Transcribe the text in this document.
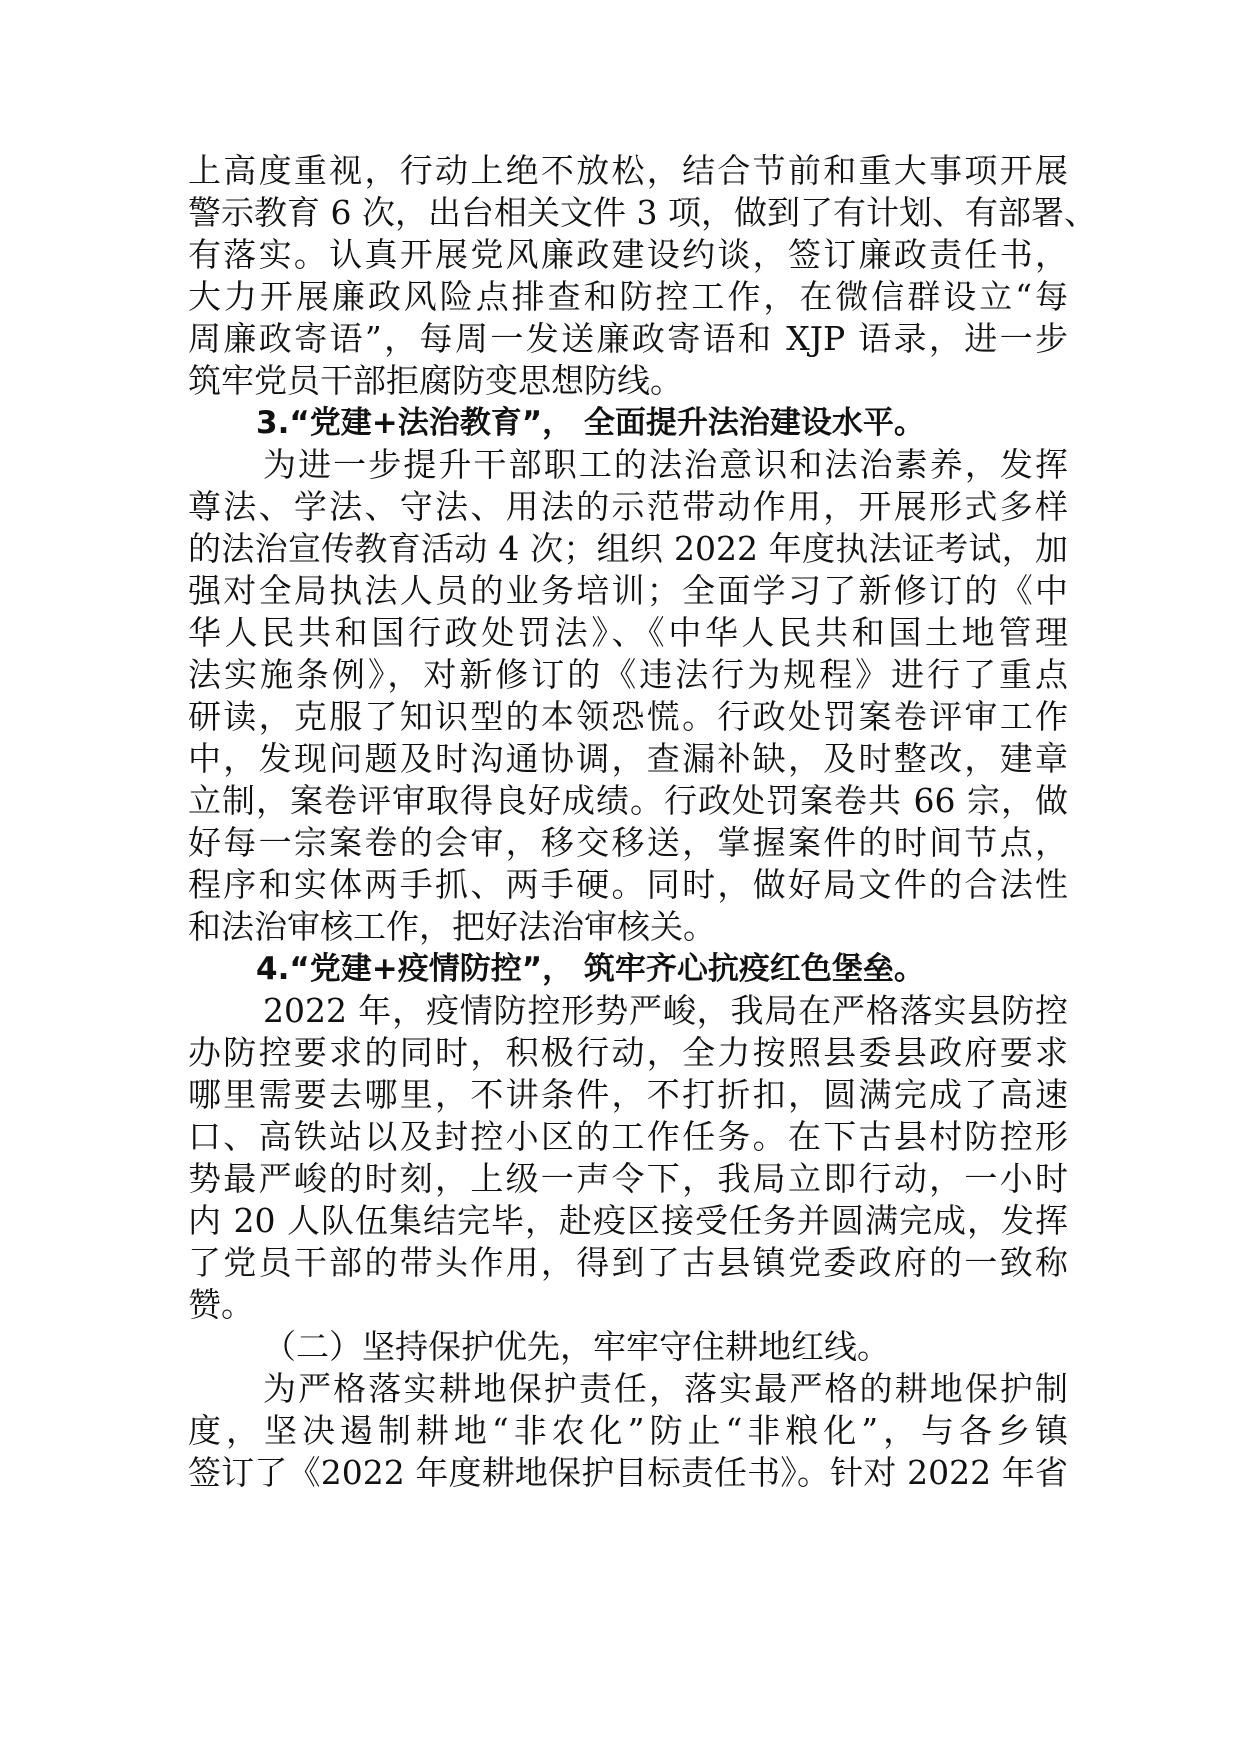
上高度重视，行动上绝不放松，结合节前和重大事项开展
警示教育 6 次，出台相关文件 3 项，做到了有计划、有部署、
有落实。认真开展党风廉政建设约谈，签订廉政责任书，
大力开展廉政风险点排查和防控工作，在微信群设立“每
周廉政寄语”，每周一发送廉政寄语和 XJP 语录，进一步
筑牢党员干部拒腐防变思想防线。
3.“党建+法治教育”， 全面提升法治建设水平。
为进一步提升干部职工的法治意识和法治素养，发挥
尊法、学法、守法、用法的示范带动作用，开展形式多样
的法治宣传教育活动 4 次；组织 2022 年度执法证考试，加
强对全局执法人员的业务培训；全面学习了新修订的《中
华人民共和国行政处罚法》、《中华人民共和国土地管理
法实施条例》，对新修订的《违法行为规程》进行了重点
研读，克服了知识型的本领恐慌。行政处罚案卷评审工作
中，发现问题及时沟通协调，查漏补缺，及时整改，建章
立制，案卷评审取得良好成绩。行政处罚案卷共 66 宗，做
好每一宗案卷的会审，移交移送，掌握案件的时间节点，
程序和实体两手抓、两手硬。同时，做好局文件的合法性
和法治审核工作，把好法治审核关。
4.“党建+疫情防控”， 筑牢齐心抗疫红色堡垒。
2022 年，疫情防控形势严峻，我局在严格落实县防控
办防控要求的同时，积极行动，全力按照县委县政府要求
哪里需要去哪里，不讲条件，不打折扣，圆满完成了高速
口、高铁站以及封控小区的工作任务。在下古县村防控形
势最严峻的时刻，上级一声令下，我局立即行动，一小时
内 20 人队伍集结完毕，赴疫区接受任务并圆满完成，发挥
了党员干部的带头作用，得到了古县镇党委政府的一致称
赞。
（二）坚持保护优先，牢牢守住耕地红线。
为严格落实耕地保护责任，落实最严格的耕地保护制
度，坚决遏制耕地“非农化”防止“非粮化”，与各乡镇
签订了《2022 年度耕地保护目标责任书》。针对 2022 年省
